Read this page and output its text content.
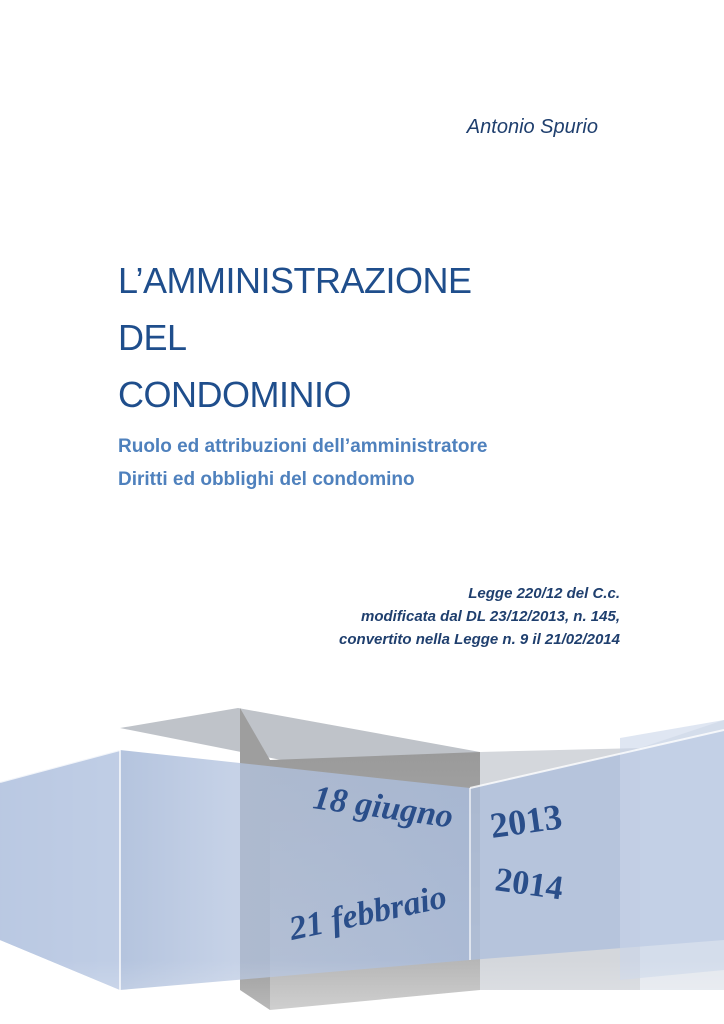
Antonio Spurio
L’AMMINISTRAZIONE
DEL
CONDOMINIO
Ruolo ed attribuzioni dell’amministratore
Diritti ed obblighi del condomino
Legge 220/12 del C.c.
modificata dal DL 23/12/2013, n. 145,
convertito nella Legge n. 9 il 21/02/2014
18 giugno 2013
21 febbraio 2014
